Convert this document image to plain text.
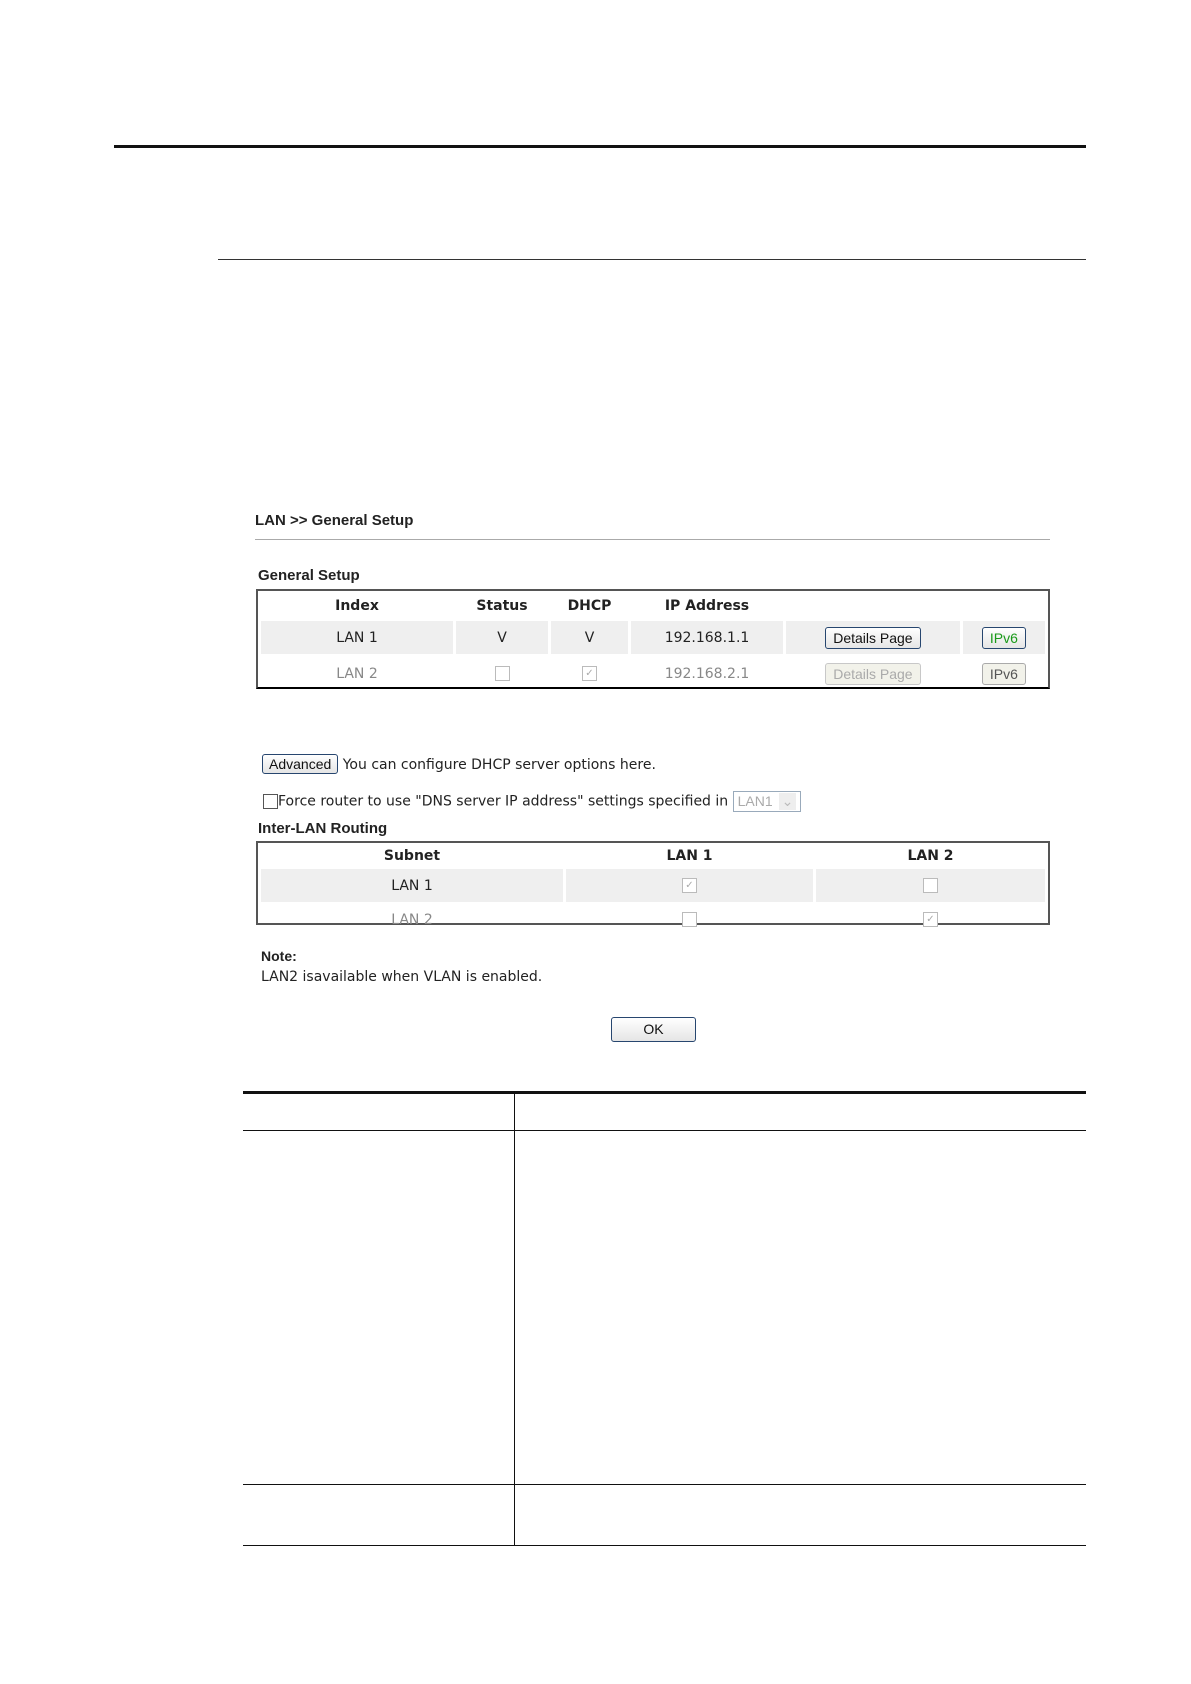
LAN >> General Setup
General Setup
Index	Status	DHCP	IP Address		
LAN 1	V	V	192.168.1.1	Details Page	IPv6
LAN 2		✓	192.168.2.1	Details Page	IPv6
Advanced You can configure DHCP server options here.
Force router to use "DNS server IP address" settings specified in LAN1 ⌄
Inter-LAN Routing
Subnet	LAN 1	LAN 2
LAN 1	✓	
LAN 2		✓
Note:
LAN2 isavailable when VLAN is enabled.
OK
